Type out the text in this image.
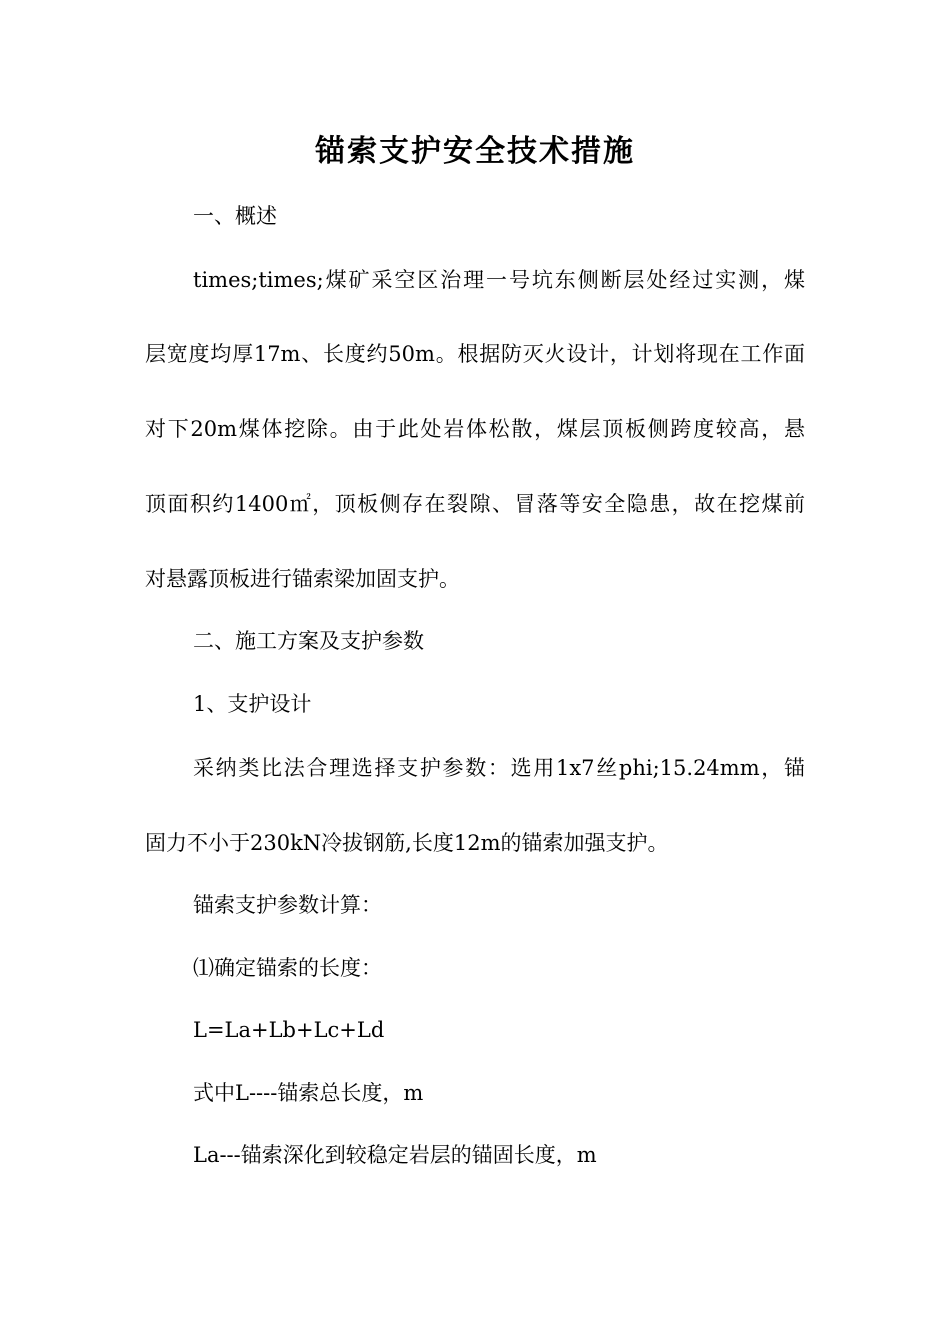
锚索支护安全技术措施

一、概述

times;times;煤矿采空区治理一号坑东侧断层处经过实测，煤

层宽度均厚17m、长度约50m。根据防灭火设计，计划将现在工作面

对下20m煤体挖除。由于此处岩体松散，煤层顶板侧跨度较高，悬

顶面积约1400㎡，顶板侧存在裂隙、冒落等安全隐患，故在挖煤前

对悬露顶板进行锚索梁加固支护。

二、施工方案及支护参数

1、支护设计

采纳类比法合理选择支护参数：选用1x7丝phi;15.24mm，锚

固力不小于230kN冷拔钢筋,长度12m的锚索加强支护。

锚索支护参数计算：

⑴确定锚索的长度：

L=La+Lb+Lc+Ld

式中L----锚索总长度，m

La---锚索深化到较稳定岩层的锚固长度，m
